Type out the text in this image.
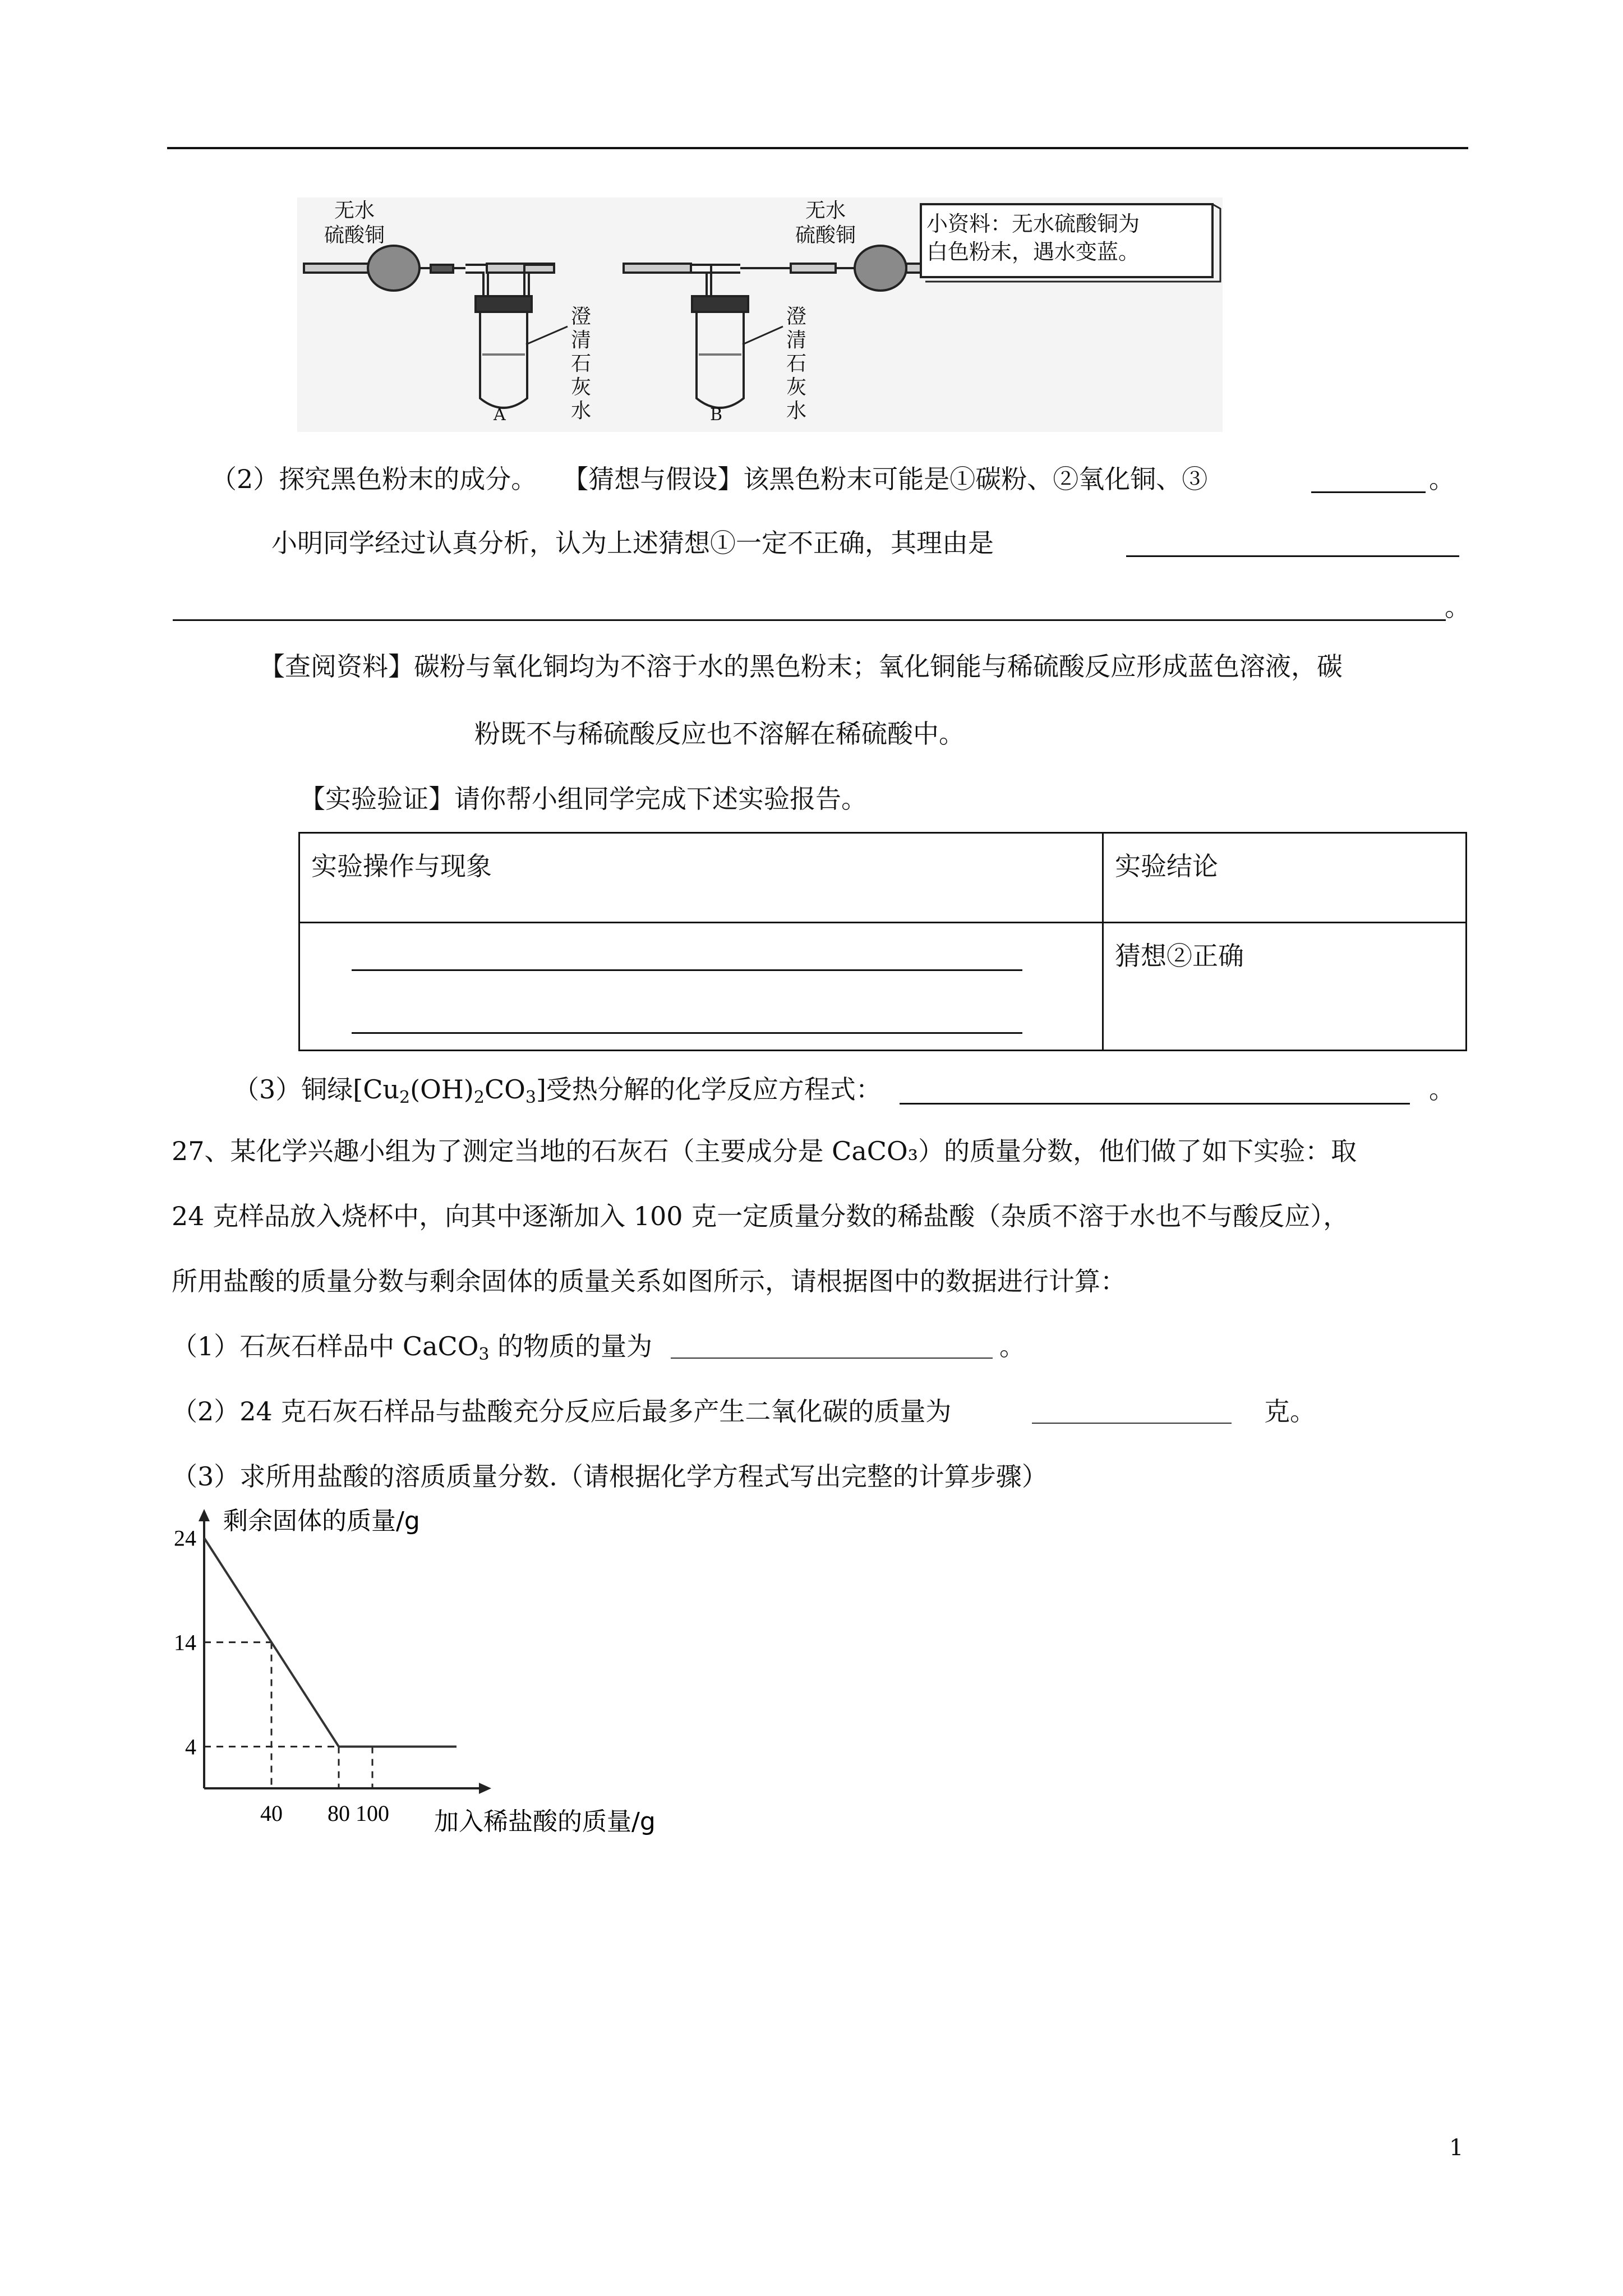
无水
硫酸铜
无水
硫酸铜
澄
清
石
灰
水
澄
清
石
灰
水
A	B
小资料：无水硫酸铜为
白色粉末，遇水变蓝。
（2）探究黑色粉末的成分。　　【猜想与假设】该黑色粉末可能是①碳粉、②氧化铜、③	。
小明同学经过认真分析，认为上述猜想①一定不正确，其理由是
。
【查阅资料】碳粉与氧化铜均为不溶于水的黑色粉末；氧化铜能与稀硫酸反应形成蓝色溶液，碳
粉既不与稀硫酸反应也不溶解在稀硫酸中。
【实验验证】请你帮小组同学完成下述实验报告。
实验操作与现象	实验结论

	猜想②正确
（3）铜绿$[Cu_2(OH)_2CO_3]$受热分解的化学反应方程式：	。
27、某化学兴趣小组为了测定当地的石灰石（主要成分是 CaCO₃）的质量分数，他们做了如下实验：取
24 克样品放入烧杯中，向其中逐渐加入 100 克一定质量分数的稀盐酸（杂质不溶于水也不与酸反应），
所用盐酸的质量分数与剩余固体的质量关系如图所示，请根据图中的数据进行计算：
（1）石灰石样品中 CaCO$_3$ 的物质的量为	。
（2）24 克石灰石样品与盐酸充分反应后最多产生二氧化碳的质量为	克。
（3）求所用盐酸的溶质质量分数.（请根据化学方程式写出完整的计算步骤）
40 80 100
24
14
4
剩余固体的质量/g
加入稀盐酸的质量/g
1
